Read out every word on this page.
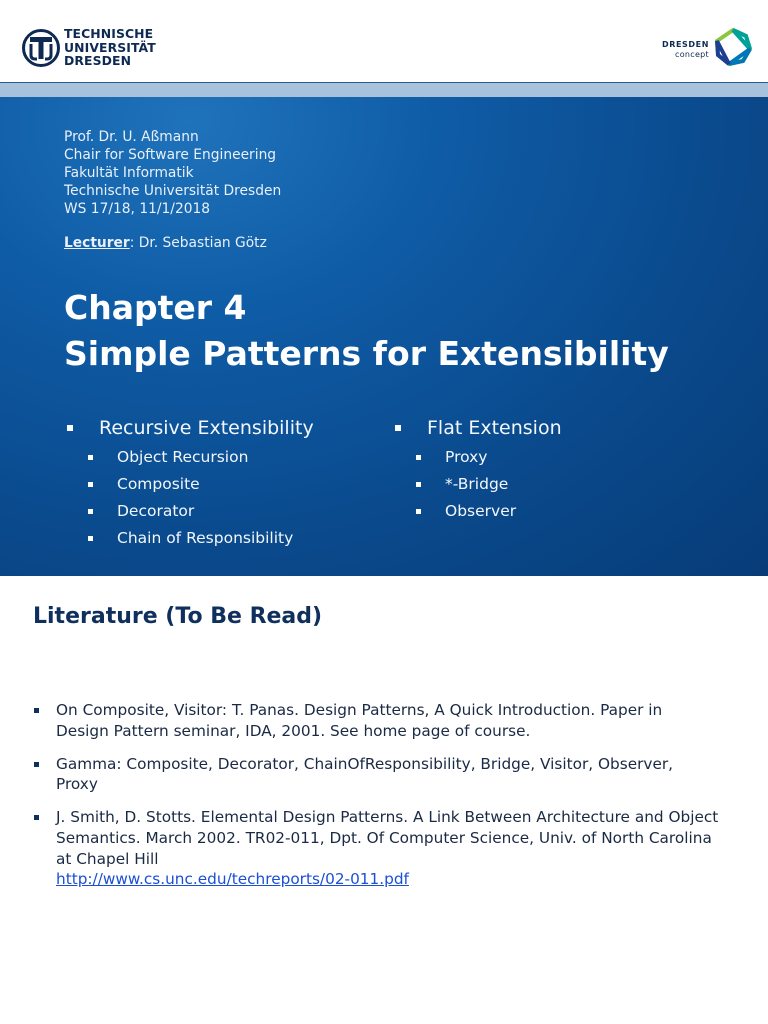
TECHNISCHE
UNIVERSITÄT
DRESDEN
DRESDEN
concept
Prof. Dr. U. Aßmann
Chair for Software Engineering
Fakultät Informatik
Technische Universität Dresden
WS 17/18, 11/1/2018
Lecturer: Dr. Sebastian Götz
Chapter 4
Simple Patterns for Extensibility
Recursive Extensibility
Object Recursion
Composite
Decorator
Chain of Responsibility
Flat Extension
Proxy
*-Bridge
Observer
Literature (To Be Read)
On Composite, Visitor: T. Panas. Design Patterns, A Quick Introduction. Paper in
Design Pattern seminar, IDA, 2001. See home page of course.
Gamma: Composite, Decorator, ChainOfResponsibility, Bridge, Visitor, Observer,
Proxy
J. Smith, D. Stotts. Elemental Design Patterns. A Link Between Architecture and Object
Semantics. March 2002. TR02-011, Dpt. Of Computer Science, Univ. of North Carolina
at Chapel Hill
http://www.cs.unc.edu/techreports/02-011.pdf
